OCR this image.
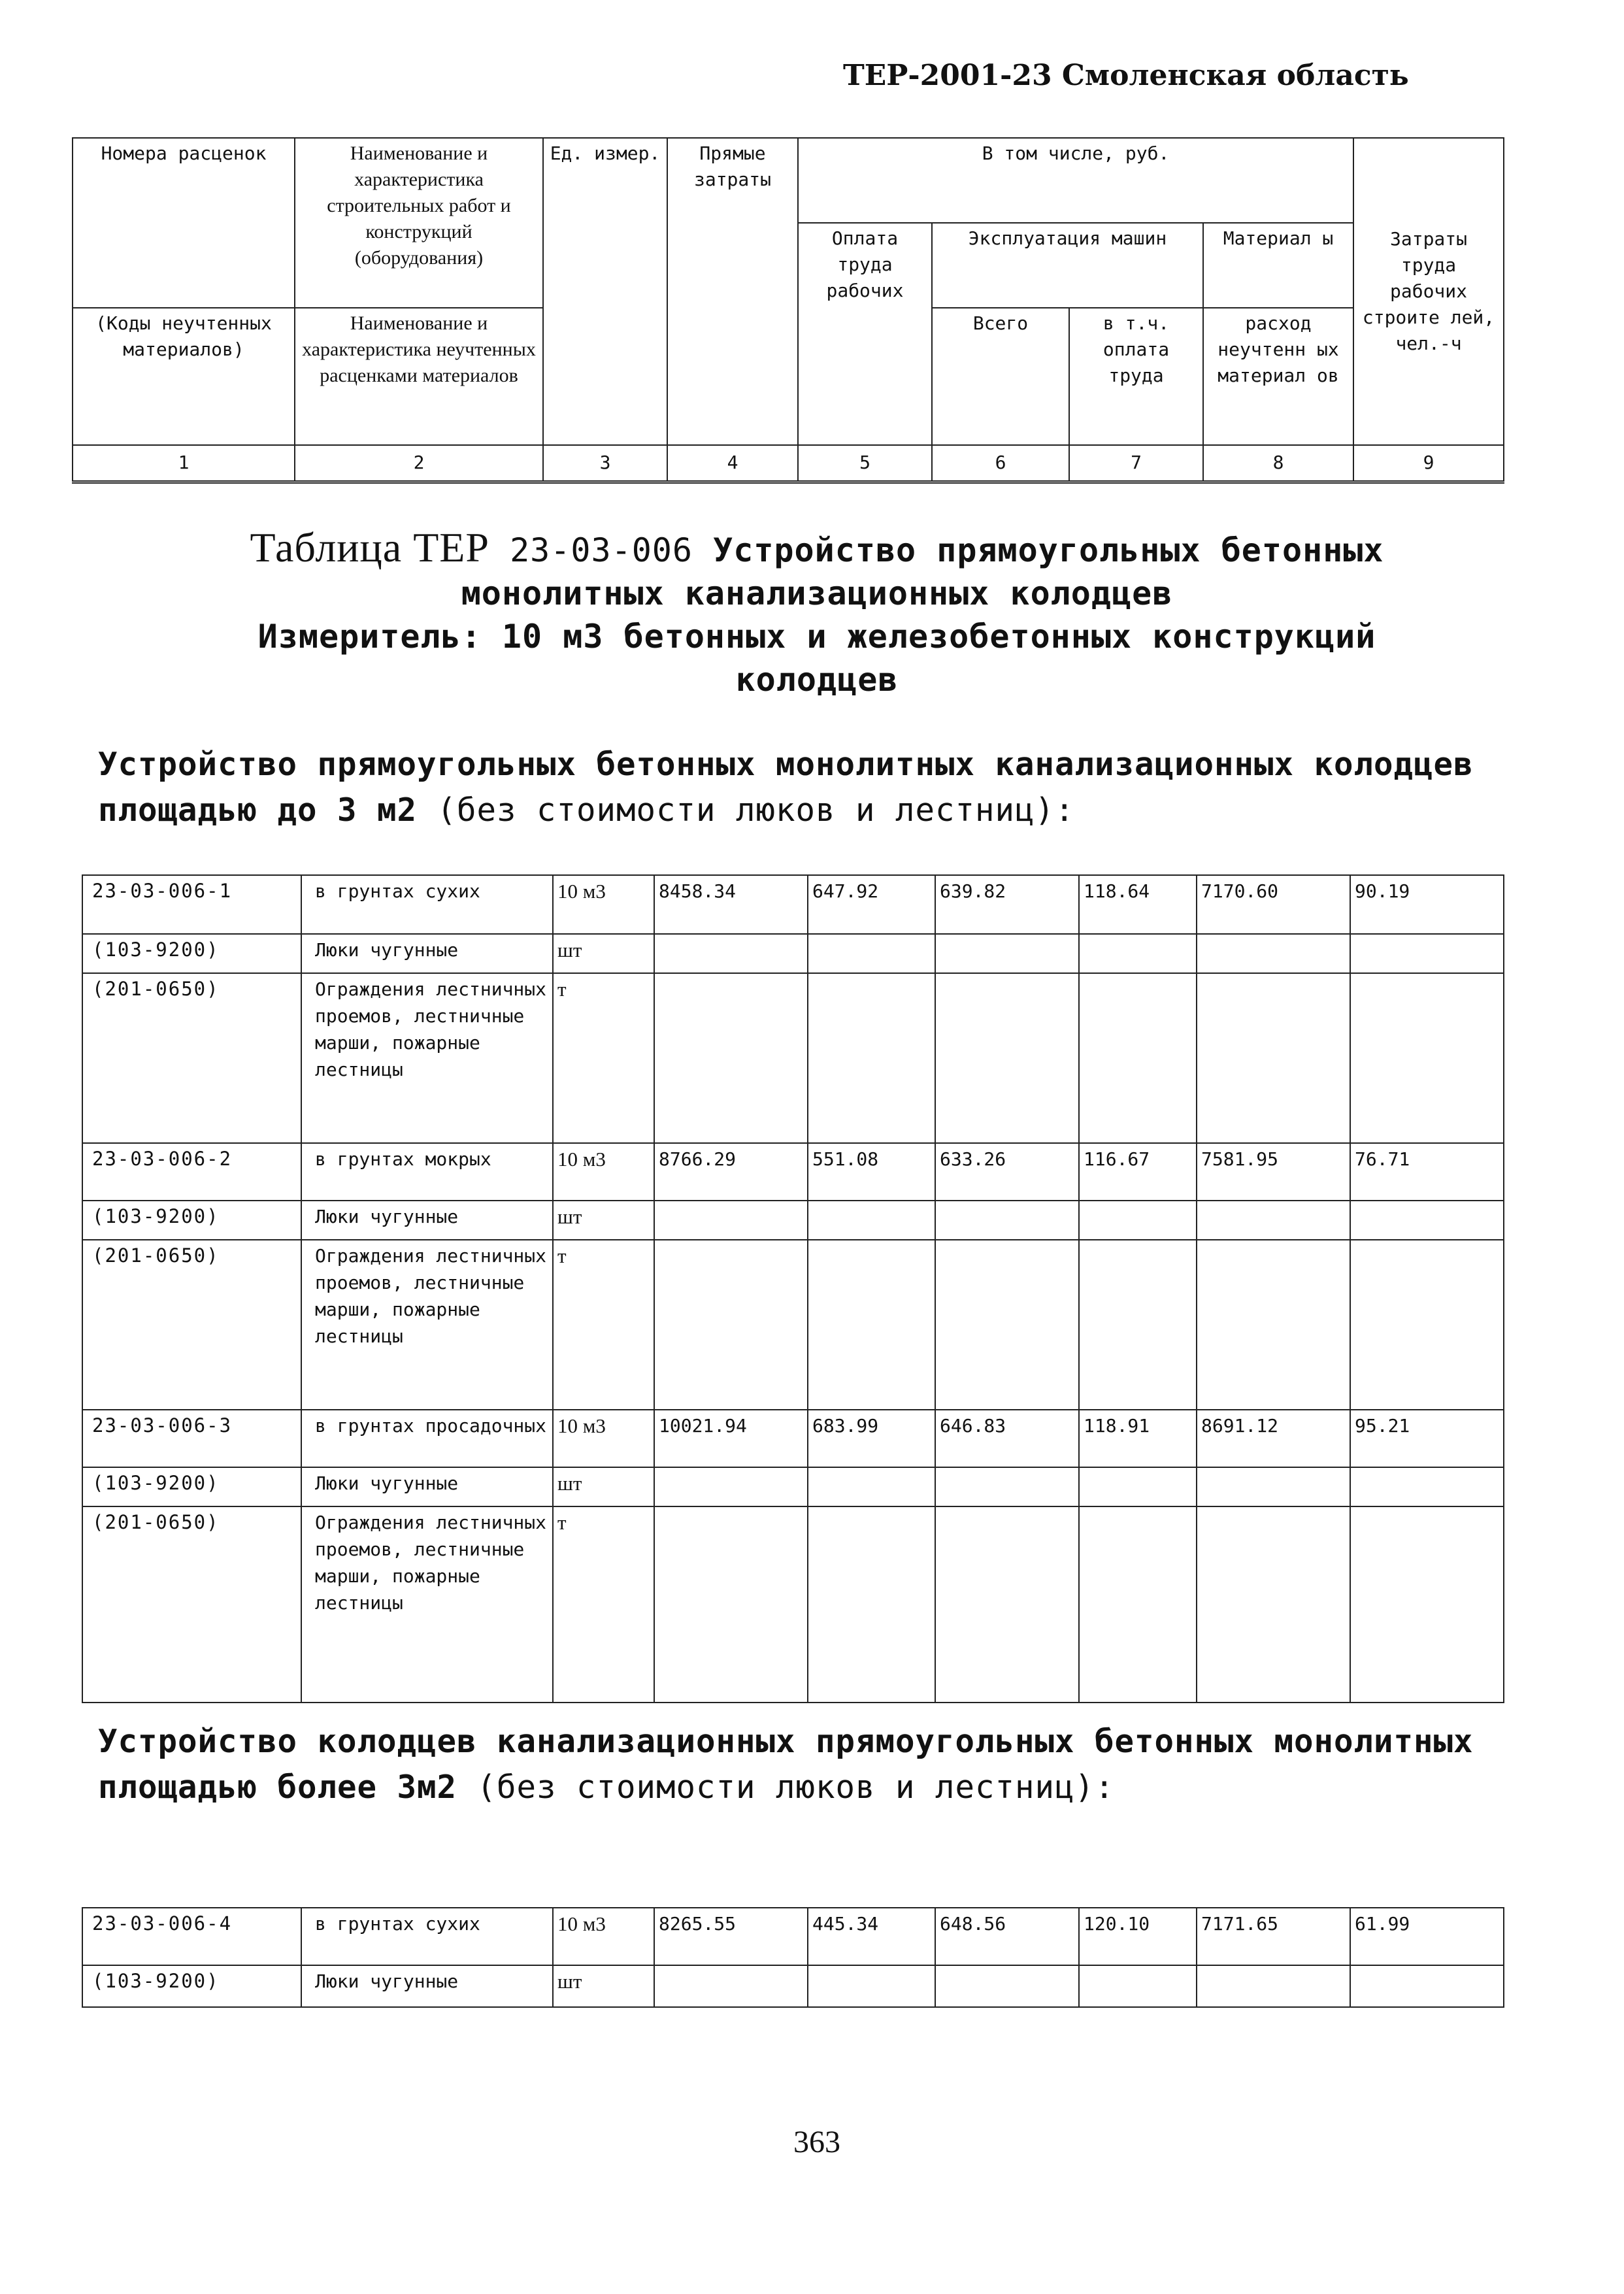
ТЕР-2001-23 Смоленская область
Номера расценок	Наименование и характеристика строительных работ и конструкций (оборудования)	Ед. измер.	Прямые затраты	В том числе, руб.				Затраты труда рабочих строите лей, чел.-ч
				Оплата труда рабочих	Эксплуатация машин		Материал ы	
(Коды неучтенных материалов)	Наименование и характеристика неучтенных расценками материалов				Всего	в т.ч. оплата труда	расход неучтенн ых материал ов	
1	2	3	4	5	6	7	8	9
Таблица ТЕР 23-03-006 Устройство прямоугольных бетонных
монолитных канализационных колодцев
Измеритель: 10 м3 бетонных и железобетонных конструкций
колодцев
Устройство прямоугольных бетонных монолитных канализационных колодцев площадью до 3 м2 (без стоимости люков и лестниц):
23-03-006-1	в грунтах сухих	10 м3	8458.34	647.92	639.82	118.64	7170.60	90.19
(103-9200)	Люки чугунные	шт						
(201-0650)	Ограждения лестничных проемов, лестничные марши, пожарные лестницы	т						
23-03-006-2	в грунтах мокрых	10 м3	8766.29	551.08	633.26	116.67	7581.95	76.71
(103-9200)	Люки чугунные	шт						
(201-0650)	Ограждения лестничных проемов, лестничные марши, пожарные лестницы	т						
23-03-006-3	в грунтах просадочных	10 м3	10021.94	683.99	646.83	118.91	8691.12	95.21
(103-9200)	Люки чугунные	шт						
(201-0650)	Ограждения лестничных проемов, лестничные марши, пожарные лестницы	т						
Устройство колодцев канализационных прямоугольных бетонных монолитных площадью более 3м2 (без стоимости люков и лестниц):
23-03-006-4	в грунтах сухих	10 м3	8265.55	445.34	648.56	120.10	7171.65	61.99
(103-9200)	Люки чугунные	шт						
363
